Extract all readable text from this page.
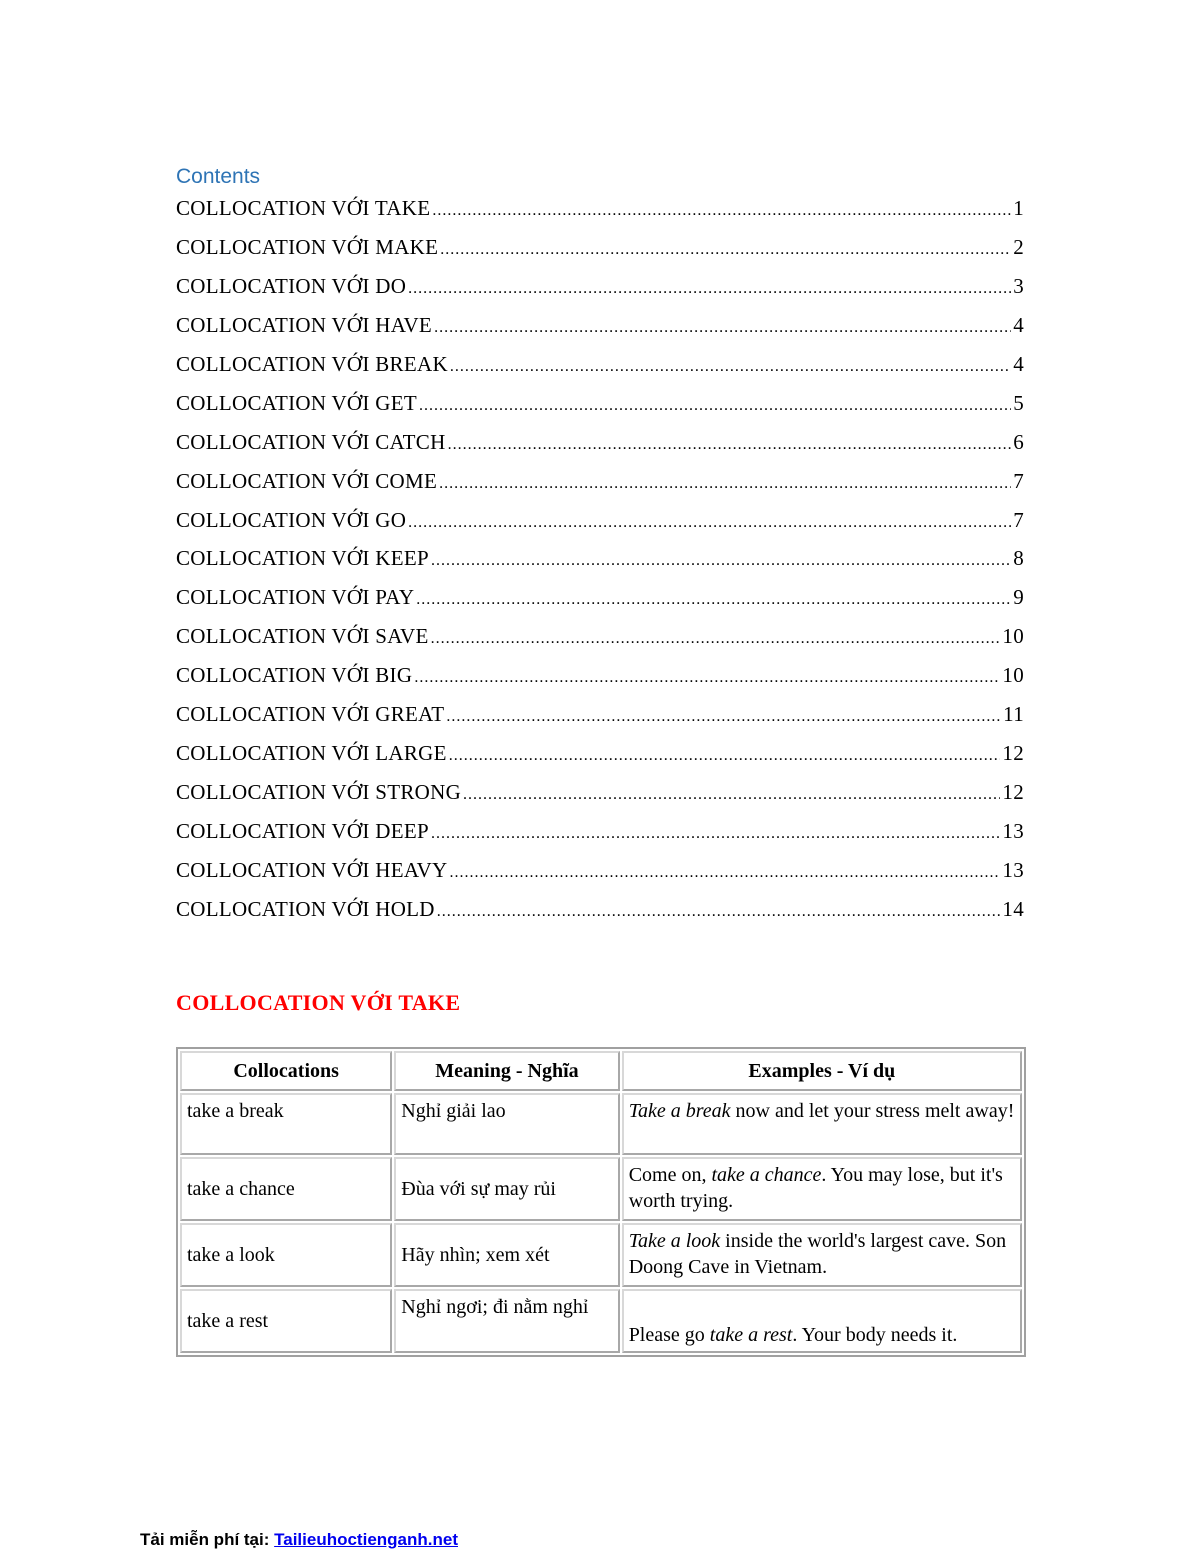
Contents
COLLOCATION VỚI TAKE .....	1
COLLOCATION VỚI MAKE .....	2
COLLOCATION VỚI DO .....	3
COLLOCATION VỚI HAVE .....	4
COLLOCATION VỚI BREAK .....	4
COLLOCATION VỚI GET .....	5
COLLOCATION VỚI CATCH .....	6
COLLOCATION VỚI COME .....	7
COLLOCATION VỚI GO .....	7
COLLOCATION VỚI KEEP .....	8
COLLOCATION VỚI PAY .....	9
COLLOCATION VỚI SAVE .....	10
COLLOCATION VỚI BIG .....	10
COLLOCATION VỚI GREAT .....	11
COLLOCATION VỚI LARGE .....	12
COLLOCATION VỚI STRONG .....	12
COLLOCATION VỚI DEEP .....	13
COLLOCATION VỚI HEAVY .....	13
COLLOCATION VỚI HOLD .....	14
COLLOCATION VỚI TAKE
Collocations	Meaning - Nghĩa	Examples - Ví dụ
take a break	Nghỉ giải lao	Take a break now and let your stress melt away!
take a chance	Đùa với sự may rủi	Come on, take a chance. You may lose, but it's worth trying.
take a look	Hãy nhìn; xem xét	Take a look inside the world's largest cave. Son Doong Cave in Vietnam.
take a rest	Nghỉ ngơi; đi nằm nghỉ	Please go take a rest. Your body needs it.
Tải miễn phí tại: Tailieuhoctienganh.net
